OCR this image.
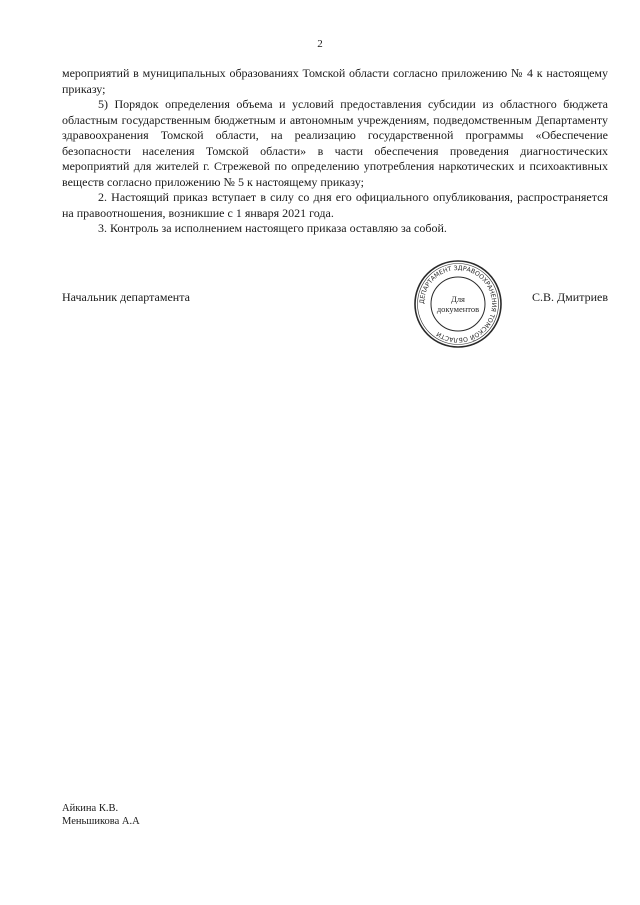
2

мероприятий в муниципальных образованиях Томской области согласно приложению № 4 к настоящему приказу;

5) Порядок определения объема и условий предоставления субсидии из областного бюджета областным государственным бюджетным и автономным учреждениям, подведомственным Департаменту здравоохранения Томской области, на реализацию государственной программы «Обеспечение безопасности населения Томской области» в части обеспечения проведения диагностических мероприятий для жителей г. Стрежевой по определению употребления наркотических и психоактивных веществ согласно приложению № 5 к настоящему приказу;

2. Настоящий приказ вступает в силу со дня его официального опубликования, распространяется на правоотношения, возникшие с 1 января 2021 года.

3. Контроль за исполнением настоящего приказа оставляю за собой.

Начальник департамента	ДЕПАРТАМЕНТ ЗДРАВООХРАНЕНИЯ ТОМСКОЙ ОБЛАСТИ
Для
документов
С.В. Дмитриев
Айкина К.В.
Меньшикова А.А
